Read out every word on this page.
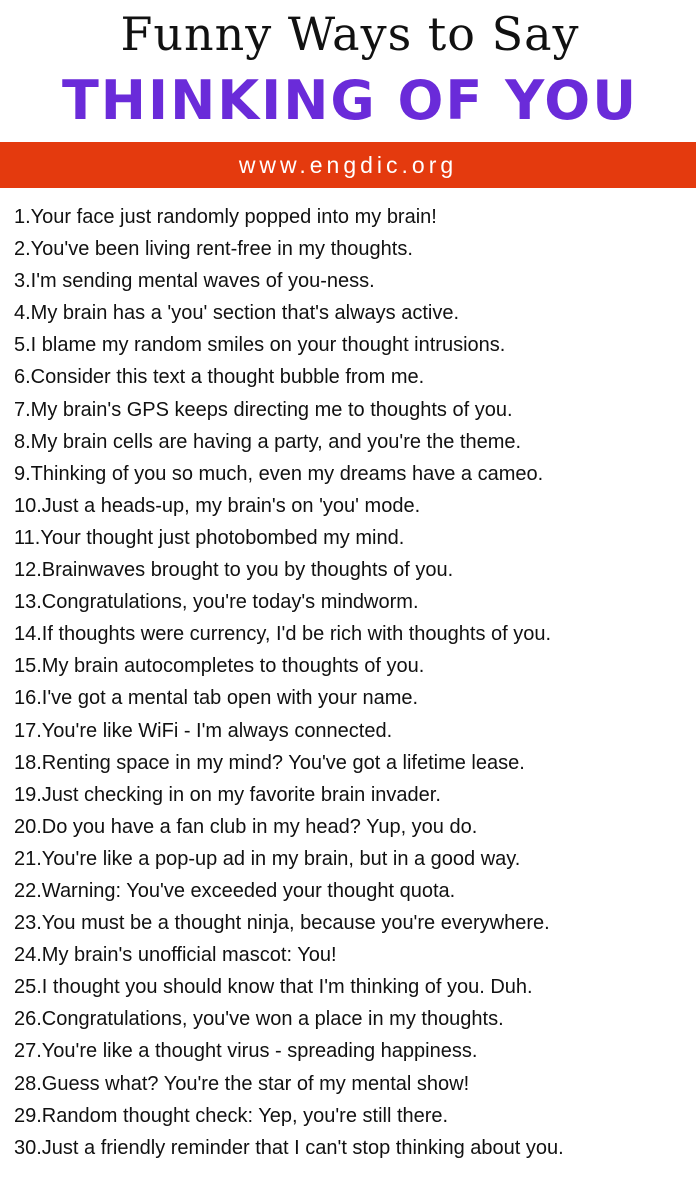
Funny Ways to Say
THINKING OF YOU
www.engdic.org
1.Your face just randomly popped into my brain!
2.You've been living rent-free in my thoughts.
3.I'm sending mental waves of you-ness.
4.My brain has a 'you' section that's always active.
5.I blame my random smiles on your thought intrusions.
6.Consider this text a thought bubble from me.
7.My brain's GPS keeps directing me to thoughts of you.
8.My brain cells are having a party, and you're the theme.
9.Thinking of you so much, even my dreams have a cameo.
10.Just a heads-up, my brain's on 'you' mode.
11.Your thought just photobombed my mind.
12.Brainwaves brought to you by thoughts of you.
13.Congratulations, you're today's mindworm.
14.If thoughts were currency, I'd be rich with thoughts of you.
15.My brain autocompletes to thoughts of you.
16.I've got a mental tab open with your name.
17.You're like WiFi - I'm always connected.
18.Renting space in my mind? You've got a lifetime lease.
19.Just checking in on my favorite brain invader.
20.Do you have a fan club in my head? Yup, you do.
21.You're like a pop-up ad in my brain, but in a good way.
22.Warning: You've exceeded your thought quota.
23.You must be a thought ninja, because you're everywhere.
24.My brain's unofficial mascot: You!
25.I thought you should know that I'm thinking of you. Duh.
26.Congratulations, you've won a place in my thoughts.
27.You're like a thought virus - spreading happiness.
28.Guess what? You're the star of my mental show!
29.Random thought check: Yep, you're still there.
30.Just a friendly reminder that I can't stop thinking about you.
